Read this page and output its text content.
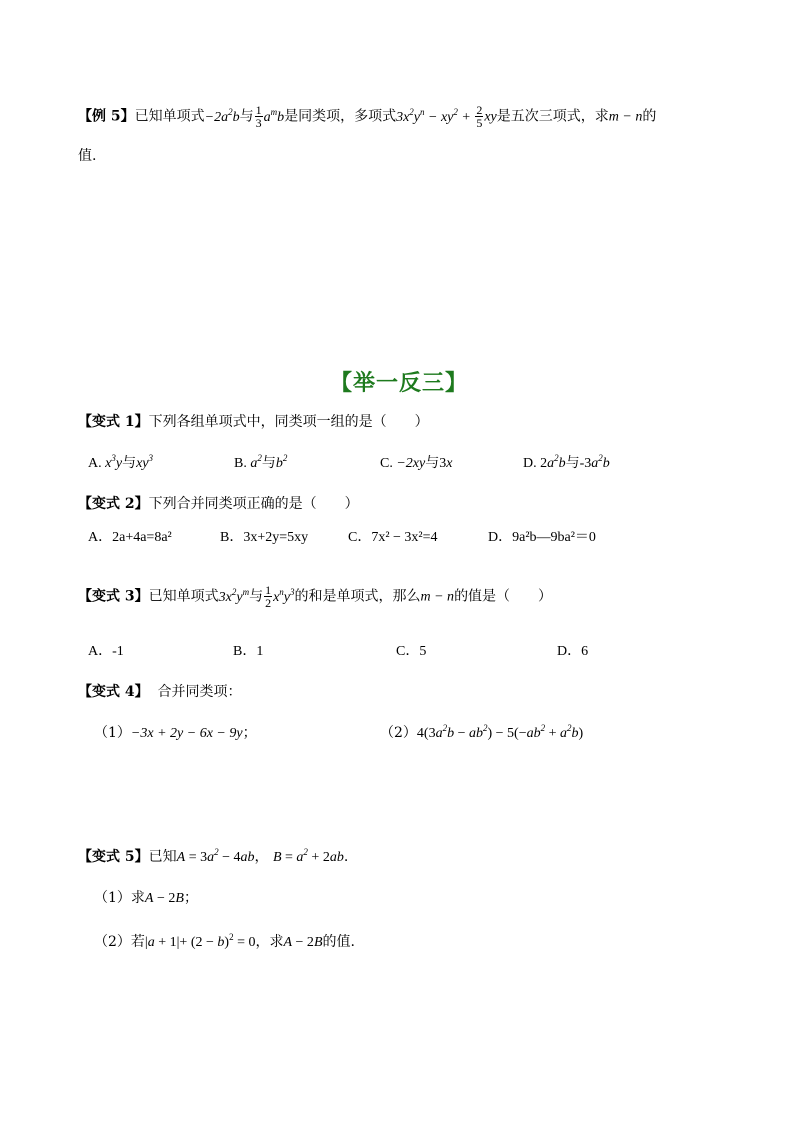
【例 5】已知单项式$-2a^2b$与 $\frac{1}{3} a^mb$是同类项，多项式$3x^2y^n - xy^2 + \frac{2}{5}$ xy是五次三项式，求m − n的
值.
【举一反三】
【变式 1】下列各组单项式中，同类项一组的是（　　）
A. $x^3y$与$xy^3$	B. $a^2$与$b^2$	C. −2xy与3x	D. $2a^2b$与$-3a^2b$
【变式 2】下列合并同类项正确的是（　　）
A．2a+4a=8a²	B．3x+2y=5xy	C．7x² − 3x²=4	D．9a²b—9ba²＝0
【变式 3】已知单项式$3x^2y^m$与 $\frac{1}{2} x^ny^3$的和是单项式，那么m − n的值是（　　）
A．-1	B．1	C．5	D．6
【变式 4】 合并同类项：
（1）−3x + 2y − 6x − 9y；	$(2)4(3a^2b - ab^2) - 5(-ab^2 + a^2b)$
【变式 5】已知$A = 3a^2 - 4ab$， $B = a^2 + 2ab$.
（1）求A − 2B；
（2）若$|a + 1|+ (2 - b)^2 = 0$，求A − 2B的值.
